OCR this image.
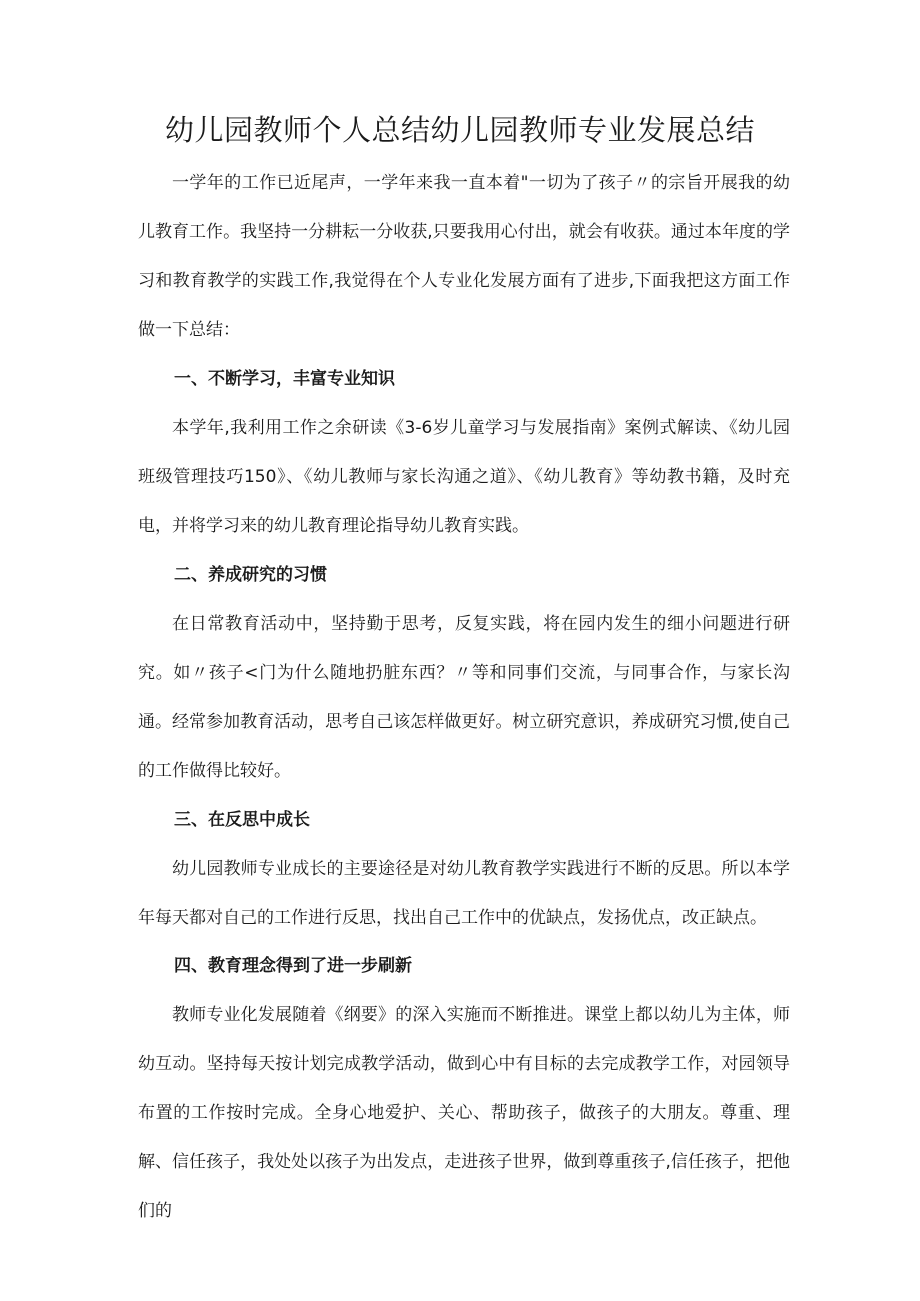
幼儿园教师个人总结幼儿园教师专业发展总结

一学年的工作已近尾声，一学年来我一直本着"一切为了孩子〃的宗旨开展我的幼儿教育工作。我坚持一分耕耘一分收获,只要我用心付出，就会有收获。通过本年度的学习和教育教学的实践工作,我觉得在个人专业化发展方面有了进步,下面我把这方面工作做一下总结：

一、不断学习，丰富专业知识

本学年,我利用工作之余研读《3-6岁儿童学习与发展指南》案例式解读、《幼儿园班级管理技巧150》、《幼儿教师与家长沟通之道》、《幼儿教育》等幼教书籍，及时充电，并将学习来的幼儿教育理论指导幼儿教育实践。

二、养成研究的习惯

在日常教育活动中，坚持勤于思考，反复实践，将在园内发生的细小问题进行研究。如〃孩子<门为什么随地扔脏东西？〃等和同事们交流，与同事合作，与家长沟通。经常参加教育活动，思考自己该怎样做更好。树立研究意识，养成研究习惯,使自己的工作做得比较好。

三、在反思中成长

幼儿园教师专业成长的主要途径是对幼儿教育教学实践进行不断的反思。所以本学年每天都对自己的工作进行反思，找出自己工作中的优缺点，发扬优点，改正缺点。

四、教育理念得到了进一步刷新

教师专业化发展随着《纲要》的深入实施而不断推进。课堂上都以幼儿为主体，师幼互动。坚持每天按计划完成教学活动，做到心中有目标的去完成教学工作，对园领导布置的工作按时完成。全身心地爱护、关心、帮助孩子，做孩子的大朋友。尊重、理解、信任孩子，我处处以孩子为出发点，走进孩子世界，做到尊重孩子,信任孩子，把他们的
